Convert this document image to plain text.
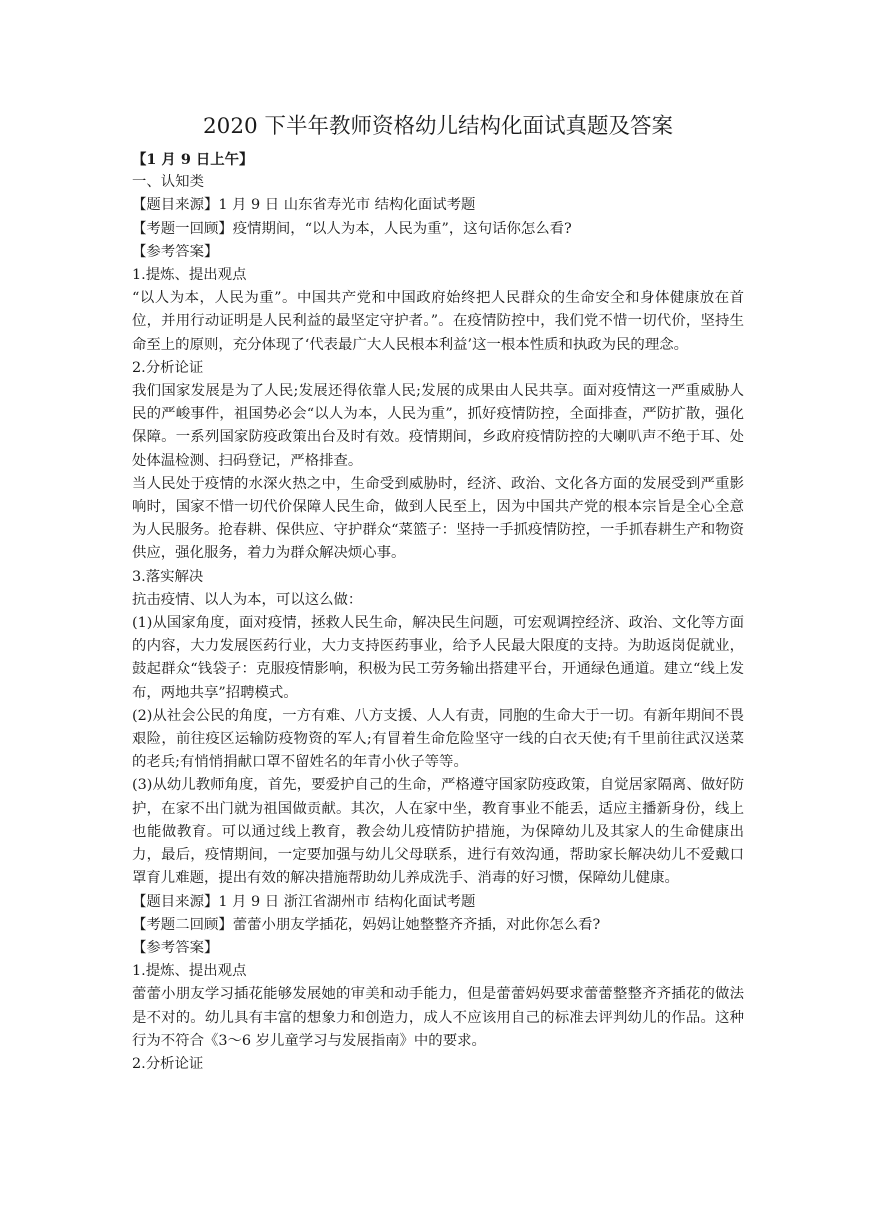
2020 下半年教师资格幼儿结构化面试真题及答案

【1 月 9 日上午】

一、认知类

【题目来源】1 月 9 日 山东省寿光市 结构化面试考题

【考题一回顾】疫情期间，“以人为本，人民为重”，这句话你怎么看?

【参考答案】

1.提炼、提出观点

“以人为本，人民为重”。中国共产党和中国政府始终把人民群众的生命安全和身体健康放在首位，并用行动证明是人民利益的最坚定守护者。”。在疫情防控中，我们党不惜一切代价，坚持生命至上的原则，充分体现了‘代表最广大人民根本利益’这一根本性质和执政为民的理念。

2.分析论证

我们国家发展是为了人民;发展还得依靠人民;发展的成果由人民共享。面对疫情这一严重威胁人民的严峻事件，祖国势必会“以人为本，人民为重”，抓好疫情防控，全面排查，严防扩散，强化保障。一系列国家防疫政策出台及时有效。疫情期间，乡政府疫情防控的大喇叭声不绝于耳、处处体温检测、扫码登记，严格排查。

当人民处于疫情的水深火热之中，生命受到威胁时，经济、政治、文化各方面的发展受到严重影响时，国家不惜一切代价保障人民生命，做到人民至上，因为中国共产党的根本宗旨是全心全意为人民服务。抢春耕、保供应、守护群众“菜篮子：坚持一手抓疫情防控，一手抓春耕生产和物资供应，强化服务，着力为群众解决烦心事。

3.落实解决

抗击疫情、以人为本，可以这么做：

(1)从国家角度，面对疫情，拯救人民生命，解决民生问题，可宏观调控经济、政治、文化等方面的内容，大力发展医药行业，大力支持医药事业，给予人民最大限度的支持。为助返岗促就业，鼓起群众“钱袋子：克服疫情影响，积极为民工劳务输出搭建平台，开通绿色通道。建立“线上发布，两地共享”招聘模式。

(2)从社会公民的角度，一方有难、八方支援、人人有责，同胞的生命大于一切。有新年期间不畏艰险，前往疫区运输防疫物资的军人;有冒着生命危险坚守一线的白衣天使;有千里前往武汉送菜的老兵;有悄悄捐献口罩不留姓名的年青小伙子等等。

(3)从幼儿教师角度，首先，要爱护自己的生命，严格遵守国家防疫政策，自觉居家隔离、做好防护，在家不出门就为祖国做贡献。其次，人在家中坐，教育事业不能丢，适应主播新身份，线上也能做教育。可以通过线上教育，教会幼儿疫情防护措施，为保障幼儿及其家人的生命健康出力，最后，疫情期间，一定要加强与幼儿父母联系，进行有效沟通，帮助家长解决幼儿不爱戴口罩育儿难题，提出有效的解决措施帮助幼儿养成洗手、消毒的好习惯，保障幼儿健康。

【题目来源】1 月 9 日 浙江省湖州市 结构化面试考题

【考题二回顾】蕾蕾小朋友学插花，妈妈让她整整齐齐插，对此你怎么看?

【参考答案】

1.提炼、提出观点

蕾蕾小朋友学习插花能够发展她的审美和动手能力，但是蕾蕾妈妈要求蕾蕾整整齐齐插花的做法是不对的。幼儿具有丰富的想象力和创造力，成人不应该用自己的标准去评判幼儿的作品。这种行为不符合《3～6 岁儿童学习与发展指南》中的要求。

2.分析论证
